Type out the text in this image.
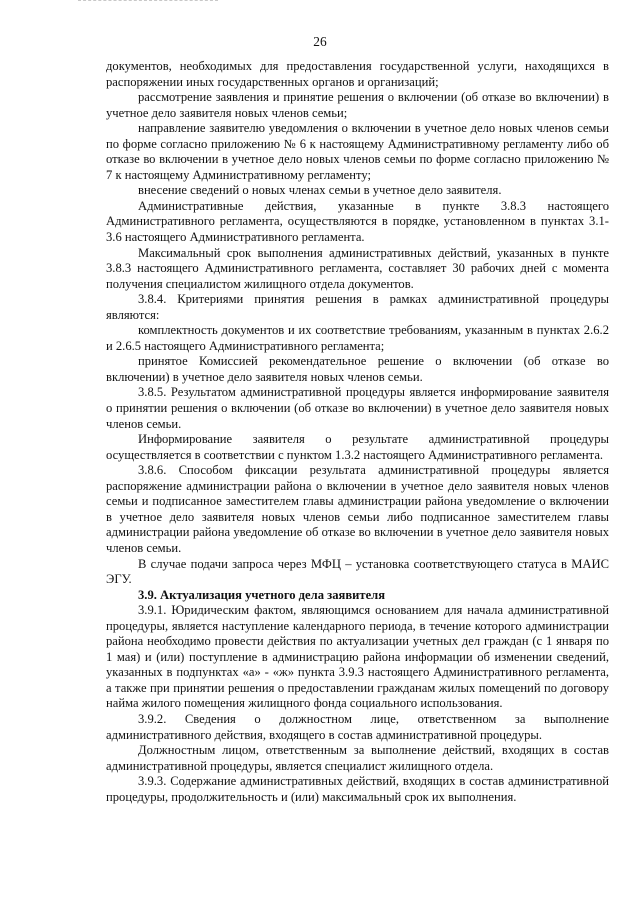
26

документов, необходимых для предоставления государственной услуги, находящихся в распоряжении иных государственных органов и организаций;

рассмотрение заявления и принятие решения о включении (об отказе во включении) в учетное дело заявителя новых членов семьи;

направление заявителю уведомления о включении в учетное дело новых членов семьи по форме согласно приложению № 6 к настоящему Административному регламенту либо об отказе во включении в учетное дело новых членов семьи по форме согласно приложению № 7 к настоящему Административному регламенту;

внесение сведений о новых членах семьи в учетное дело заявителя.

Административные действия, указанные в пункте 3.8.3 настоящего Административного регламента, осуществляются в порядке, установленном в пунктах 3.1-3.6 настоящего Административного регламента.

Максимальный срок выполнения административных действий, указанных в пункте 3.8.3 настоящего Административного регламента, составляет 30 рабочих дней с момента получения специалистом жилищного отдела документов.

3.8.4. Критериями принятия решения в рамках административной процедуры являются:

комплектность документов и их соответствие требованиям, указанным в пунктах 2.6.2 и 2.6.5 настоящего Административного регламента;

принятое Комиссией рекомендательное решение о включении (об отказе во включении) в учетное дело заявителя новых членов семьи.

3.8.5. Результатом административной процедуры является информирование заявителя о принятии решения о включении (об отказе во включении) в учетное дело заявителя новых членов семьи.

Информирование заявителя о результате административной процедуры осуществляется в соответствии с пунктом 1.3.2 настоящего Административного регламента.

3.8.6. Способом фиксации результата административной процедуры является распоряжение администрации района о включении в учетное дело заявителя новых членов семьи и подписанное заместителем главы администрации района уведомление о включении в учетное дело заявителя новых членов семьи либо подписанное заместителем главы администрации района уведомление об отказе во включении в учетное дело заявителя новых членов семьи.

В случае подачи запроса через МФЦ – установка соответствующего статуса в МАИС ЭГУ.

3.9. Актуализация учетного дела заявителя

3.9.1. Юридическим фактом, являющимся основанием для начала административной процедуры, является наступление календарного периода, в течение которого администрации района необходимо провести действия по актуализации учетных дел граждан (с 1 января по 1 мая) и (или) поступление в администрацию района информации об изменении сведений, указанных в подпунктах «а» - «ж» пункта 3.9.3 настоящего Административного регламента, а также при принятии решения о предоставлении гражданам жилых помещений по договору найма жилого помещения жилищного фонда социального использования.

3.9.2. Сведения о должностном лице, ответственном за выполнение административного действия, входящего в состав административной процедуры.

Должностным лицом, ответственным за выполнение действий, входящих в состав административной процедуры, является специалист жилищного отдела.

3.9.3. Содержание административных действий, входящих в состав административной процедуры, продолжительность и (или) максимальный срок их выполнения.
